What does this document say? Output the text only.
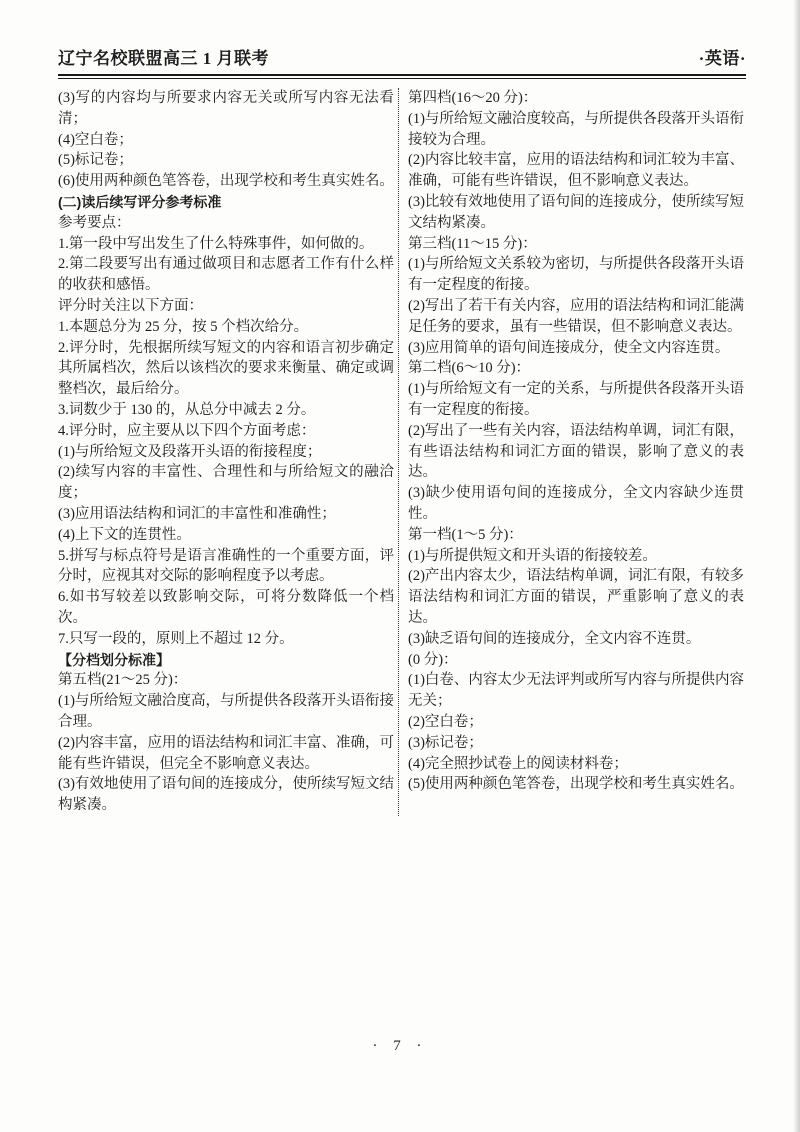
辽宁名校联盟高三 1 月联考	·英语·

(3)写的内容均与所要求内容无关或所写内容无法看清；

(4)空白卷；

(5)标记卷；

(6)使用两种颜色笔答卷，出现学校和考生真实姓名。

(二)读后续写评分参考标准

参考要点：

1.第一段中写出发生了什么特殊事件，如何做的。

2.第二段要写出有通过做项目和志愿者工作有什么样的收获和感悟。

评分时关注以下方面：

1.本题总分为 25 分，按 5 个档次给分。

2.评分时，先根据所续写短文的内容和语言初步确定其所属档次，然后以该档次的要求来衡量、确定或调整档次，最后给分。

3.词数少于 130 的，从总分中减去 2 分。

4.评分时，应主要从以下四个方面考虑：

(1)与所给短文及段落开头语的衔接程度；

(2)续写内容的丰富性、合理性和与所给短文的融洽度；

(3)应用语法结构和词汇的丰富性和准确性；

(4)上下文的连贯性。

5.拼写与标点符号是语言准确性的一个重要方面，评分时，应视其对交际的影响程度予以考虑。

6.如书写较差以致影响交际，可将分数降低一个档次。

7.只写一段的，原则上不超过 12 分。

【分档划分标准】

第五档(21～25 分)：

(1)与所给短文融洽度高，与所提供各段落开头语衔接合理。

(2)内容丰富，应用的语法结构和词汇丰富、准确，可能有些许错误，但完全不影响意义表达。

(3)有效地使用了语句间的连接成分，使所续写短文结构紧凑。

第四档(16～20 分)：

(1)与所给短文融洽度较高，与所提供各段落开头语衔接较为合理。

(2)内容比较丰富，应用的语法结构和词汇较为丰富、准确，可能有些许错误，但不影响意义表达。

(3)比较有效地使用了语句间的连接成分，使所续写短文结构紧凑。

第三档(11～15 分)：

(1)与所给短文关系较为密切，与所提供各段落开头语有一定程度的衔接。

(2)写出了若干有关内容，应用的语法结构和词汇能满足任务的要求，虽有一些错误，但不影响意义表达。

(3)应用简单的语句间连接成分，使全文内容连贯。

第二档(6～10 分)：

(1)与所给短文有一定的关系，与所提供各段落开头语有一定程度的衔接。

(2)写出了一些有关内容，语法结构单调，词汇有限，有些语法结构和词汇方面的错误，影响了意义的表达。

(3)缺少使用语句间的连接成分，全文内容缺少连贯性。

第一档(1～5 分)：

(1)与所提供短文和开头语的衔接较差。

(2)产出内容太少，语法结构单调，词汇有限，有较多语法结构和词汇方面的错误，严重影响了意义的表达。

(3)缺乏语句间的连接成分，全文内容不连贯。

(0 分)：

(1)白卷、内容太少无法评判或所写内容与所提供内容无关；

(2)空白卷；

(3)标记卷；

(4)完全照抄试卷上的阅读材料卷；

(5)使用两种颜色笔答卷，出现学校和考生真实姓名。

· 7 ·
